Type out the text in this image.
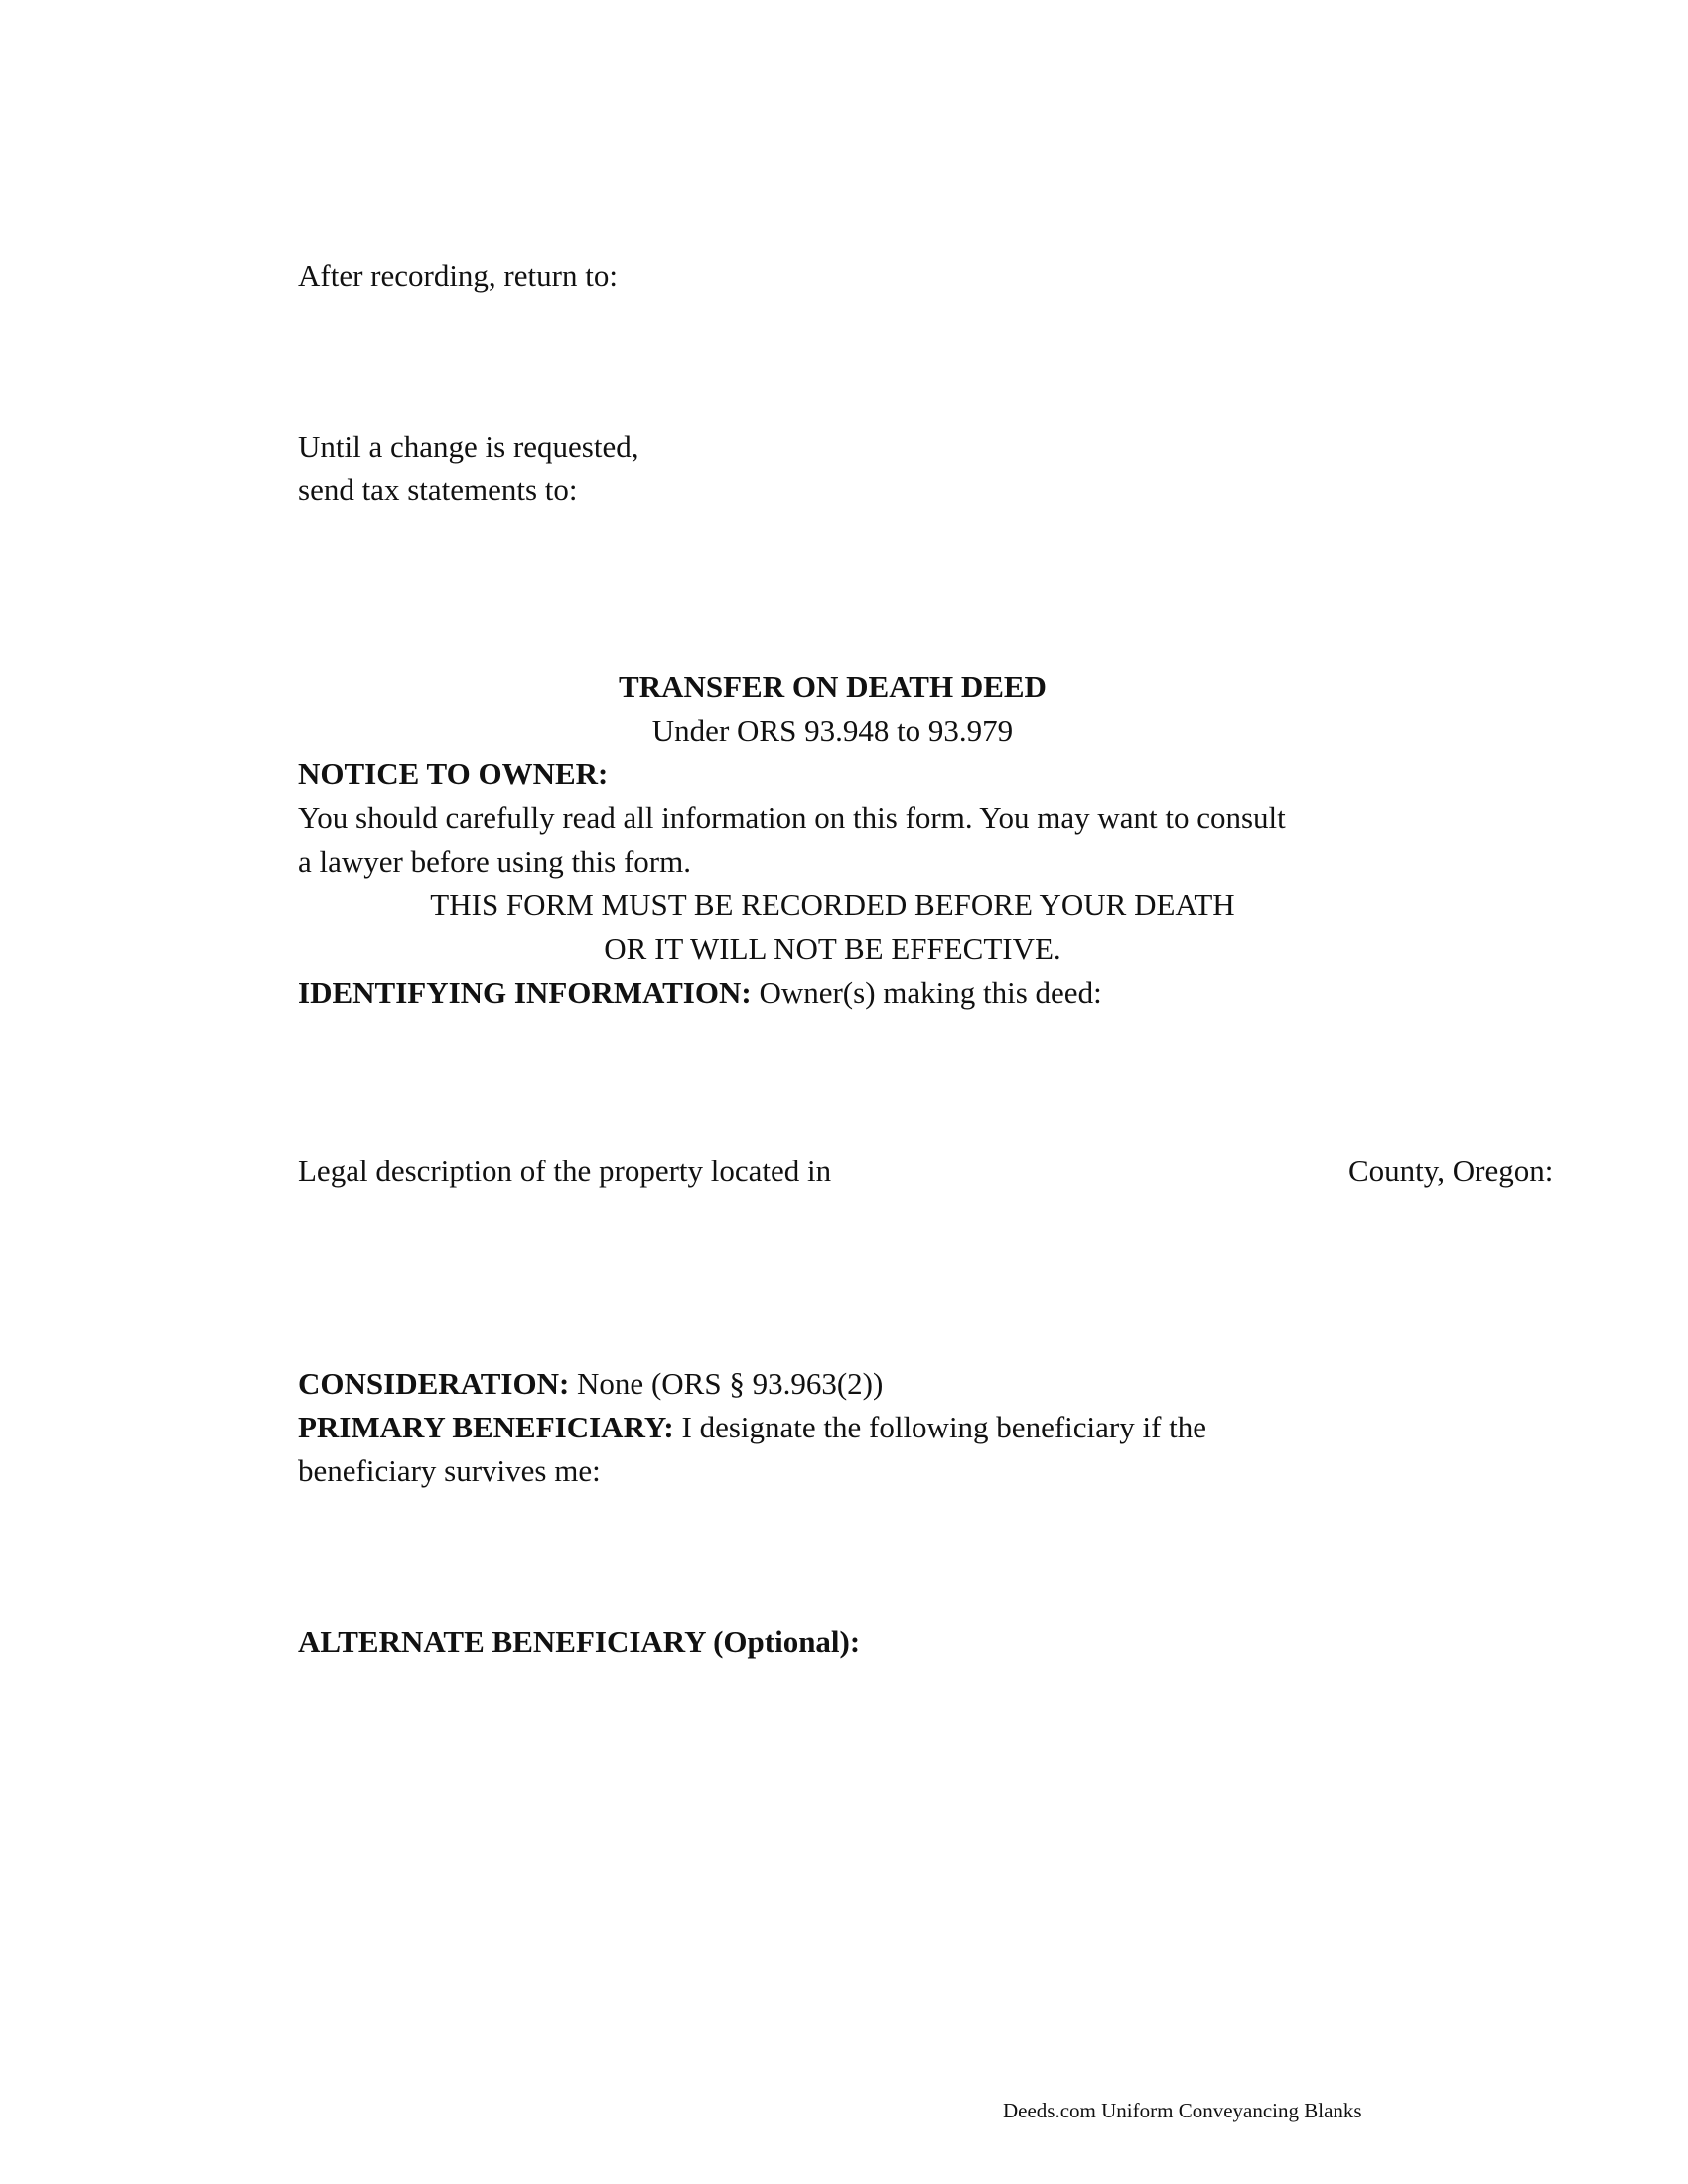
After recording, return to:
Until a change is requested,
send tax statements to:
TRANSFER ON DEATH DEED
Under ORS 93.948 to 93.979
NOTICE TO OWNER:
You should carefully read all information on this form. You may want to consult
a lawyer before using this form.
THIS FORM MUST BE RECORDED BEFORE YOUR DEATH
OR IT WILL NOT BE EFFECTIVE.
IDENTIFYING INFORMATION: Owner(s) making this deed:
Legal description of the property located in	County, Oregon:
CONSIDERATION: None (ORS § 93.963(2))
PRIMARY BENEFICIARY: I designate the following beneficiary if the
beneficiary survives me:
ALTERNATE BENEFICIARY (Optional):
Deeds.com Uniform Conveyancing Blanks
